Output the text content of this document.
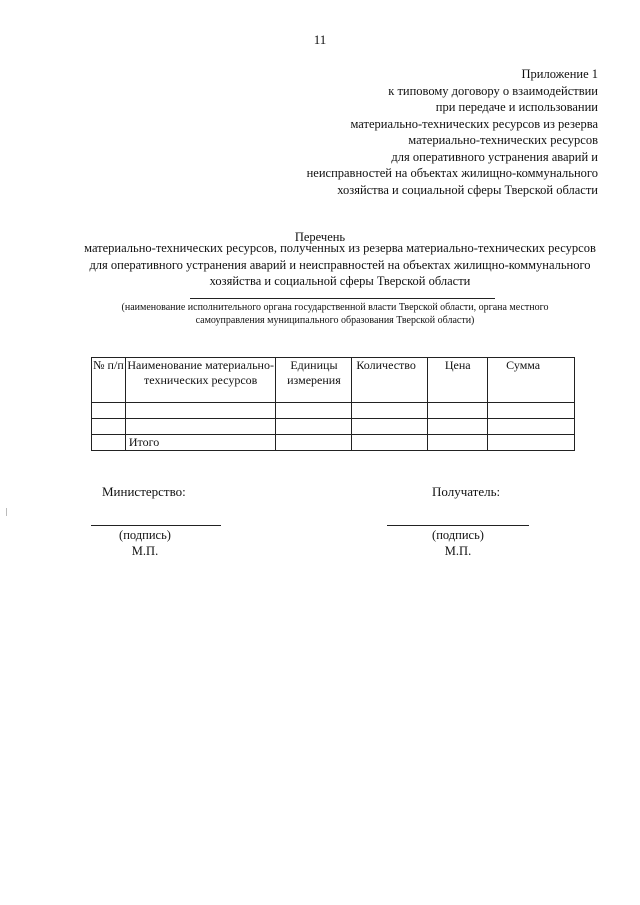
11
Приложение 1
к типовому договору о взаимодействии
при передаче и использовании
материально-технических ресурсов из резерва
материально-технических ресурсов
для оперативного устранения аварий и
неисправностей на объектах жилищно-коммунального
хозяйства и социальной сферы Тверской области
Перечень
материально-технических ресурсов, полученных из резерва материально-технических ресурсов для оперативного устранения аварий и неисправностей на объектах жилищно-коммунального хозяйства и социальной сферы Тверской области
(наименование исполнительного органа государственной власти Тверской области, органа местного самоуправления муниципального образования Тверской области)
№ п/п	Наименование материально-технических ресурсов	Единицы измерения	Количество	Цена	Сумма

	Итого				
Министерство:	Получатель:
(подпись)
М.П.
(подпись)
М.П.
